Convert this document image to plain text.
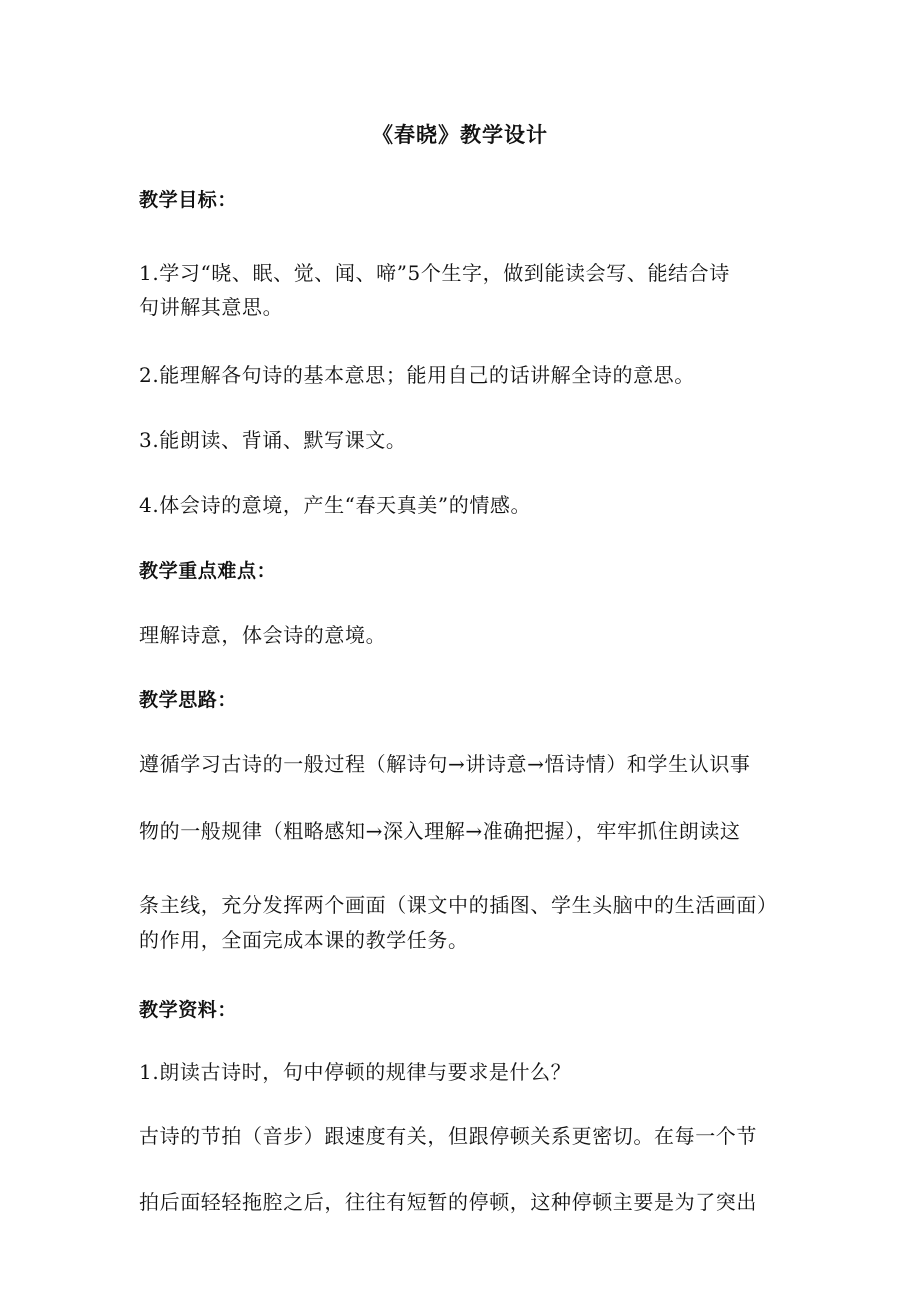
《春晓》教学设计
教学目标：
1.学习“晓、眠、觉、闻、啼”5个生字，做到能读会写、能结合诗
句讲解其意思。
2.能理解各句诗的基本意思；能用自己的话讲解全诗的意思。
3.能朗读、背诵、默写课文。
4.体会诗的意境，产生“春天真美”的情感。
教学重点难点：
理解诗意，体会诗的意境。
教学思路：
遵循学习古诗的一般过程（解诗句→讲诗意→悟诗情）和学生认识事
物的一般规律（粗略感知→深入理解→准确把握），牢牢抓住朗读这
条主线，充分发挥两个画面（课文中的插图、学生头脑中的生活画面）
的作用，全面完成本课的教学任务。
教学资料：
1.朗读古诗时，句中停顿的规律与要求是什么？
古诗的节拍（音步）跟速度有关，但跟停顿关系更密切。在每一个节
拍后面轻轻拖腔之后，往往有短暂的停顿，这种停顿主要是为了突出
